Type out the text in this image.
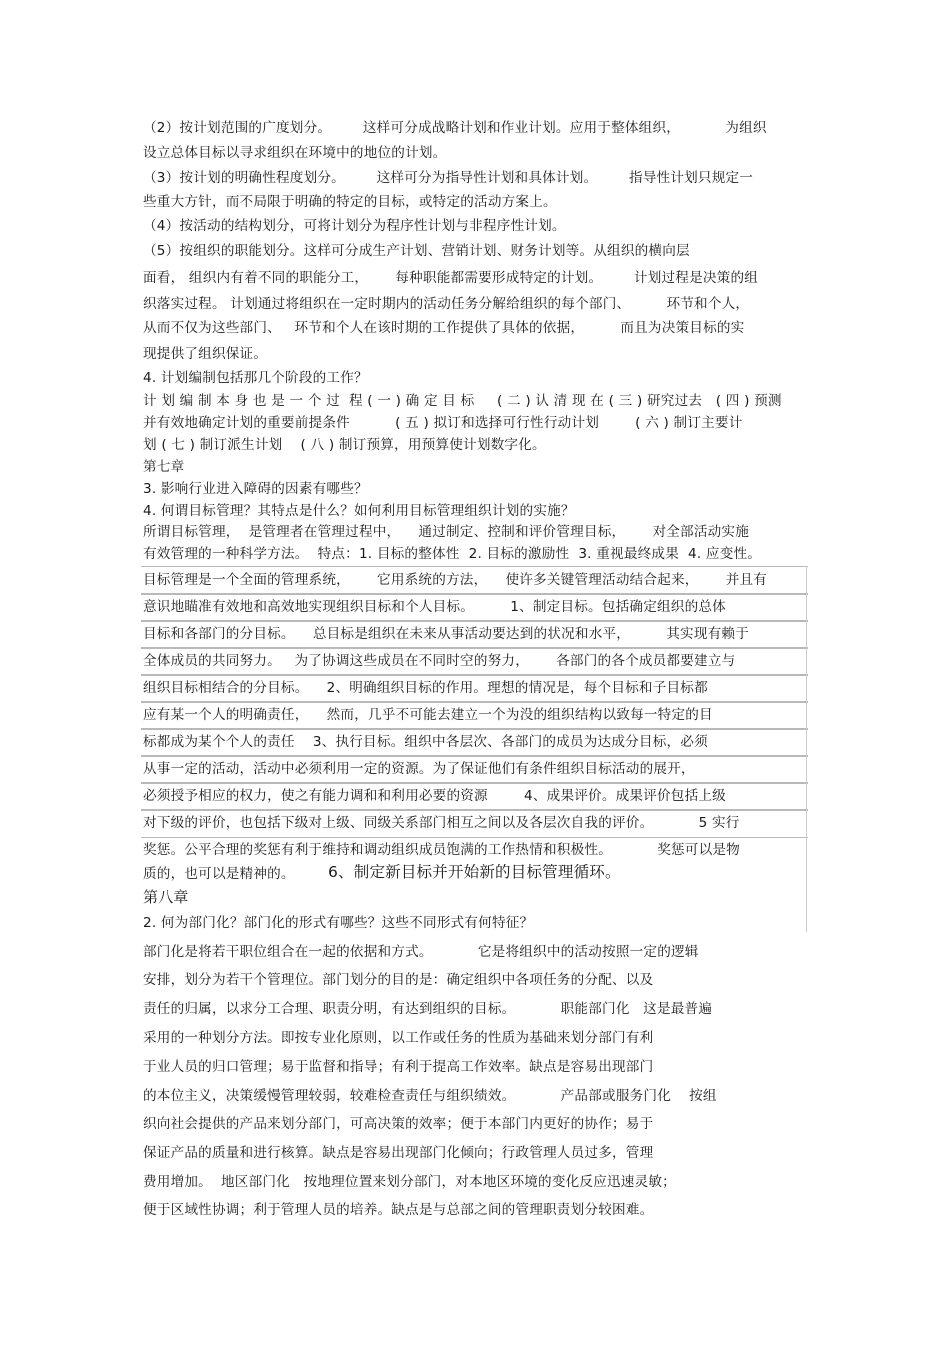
（2）按计划范围的广度划分。       这样可分成战略计划和作业计划。应用于整体组织，          为组织
设立总体目标以寻求组织在环境中的地位的计划。
（3）按计划的明确性程度划分。       这样可分为指导性计划和具体计划。       指导性计划只规定一
些重大方针，而不局限于明确的特定的目标，或特定的活动方案上。
（4）按活动的结构划分，可将计划分为程序性计划与非程序性计划。
（5）按组织的职能划分。这样可分成生产计划、营销计划、财务计划等。从组织的横向层
面看， 组织内有着不同的职能分工，      每种职能都需要形成特定的计划。       计划过程是决策的组
织落实过程。 计划通过将组织在一定时期内的活动任务分解给组织的每个部门、        环节和个人，
从而不仅为这些部门、   环节和个人在该时期的工作提供了具体的依据，        而且为决策目标的实
现提供了组织保证。
4. 计划编制包括那几个阶段的工作？
计 划 编 制 本 身 也 是 一 个 过  程 ( 一 ) 确 定 目 标     ( 二 ) 认 清 现 在 ( 三 ) 研究过去   ( 四 ) 预测
并有效地确定计划的重要前提条件          ( 五 ) 拟订和选择可行性行动计划        ( 六 ) 制订主要计
划 ( 七 ) 制订派生计划    ( 八 ) 制订预算，用预算使计划数字化。
第七章
3. 影响行业进入障碍的因素有哪些？
4. 何谓目标管理？其特点是什么？如何利用目标管理组织计划的实施？
所谓目标管理，  是管理者在管理过程中，    通过制定、控制和评价管理目标，      对全部活动实施
有效管理的一种科学方法。  特点：1. 目标的整体性  2. 目标的激励性  3. 重视最终成果  4. 应变性。
目标管理是一个全面的管理系统，      它用系统的方法，    使许多关键管理活动结合起来，      并且有
意识地瞄准有效地和高效地实现组织目标和个人目标。        1、制定目标。包括确定组织的总体
目标和各部门的分目标。    总目标是组织在未来从事活动要达到的状况和水平，        其实现有赖于
全体成员的共同努力。   为了协调这些成员在不同时空的努力，      各部门的各个成员都要建立与
组织目标相结合的分目标。    2、明确组织目标的作用。理想的情况是，每个目标和子目标都
应有某一个人的明确责任，    然而，几乎不可能去建立一个为没的组织结构以致每一特定的目
标都成为某个个人的责任    3、执行目标。组织中各层次、各部门的成员为达成分目标，必须
从事一定的活动，活动中必须利用一定的资源。为了保证他们有条件组织目标活动的展开，
必须授予相应的权力，使之有能力调和和利用必要的资源        4、成果评价。成果评价包括上级
对下级的评价，也包括下级对上级、同级关系部门相互之间以及各层次自我的评价。          5 实行
奖惩。公平合理的奖惩有利于维持和调动组织成员饱满的工作热情和积极性。          奖惩可以是物
质的，也可以是精神的。 6、制定新目标并开始新的目标管理循环。
第八章
2. 何为部门化？部门化的形式有哪些？这些不同形式有何特征？
部门化是将若干职位组合在一起的依据和方式。          它是将组织中的活动按照一定的逻辑
安排，划分为若干个管理位。部门划分的目的是：确定组织中各项任务的分配、以及
责任的归属，以求分工合理、职责分明，有达到组织的目标。          职能部门化   这是最普遍
采用的一种划分方法。即按专业化原则，以工作或任务的性质为基础来划分部门有利
于业人员的归口管理；易于监督和指导；有利于提高工作效率。缺点是容易出现部门
的本位主义，决策缓慢管理较弱，较难检查责任与组织绩效。          产品部或服务门化    按组
织向社会提供的产品来划分部门，可高决策的效率；便于本部门内更好的协作；易于
保证产品的质量和进行核算。缺点是容易出现部门化倾向；行政管理人员过多，管理
费用增加。  地区部门化   按地理位置来划分部门，对本地区环境的变化反应迅速灵敏；
便于区域性协调；利于管理人员的培养。缺点是与总部之间的管理职责划分较困难。
